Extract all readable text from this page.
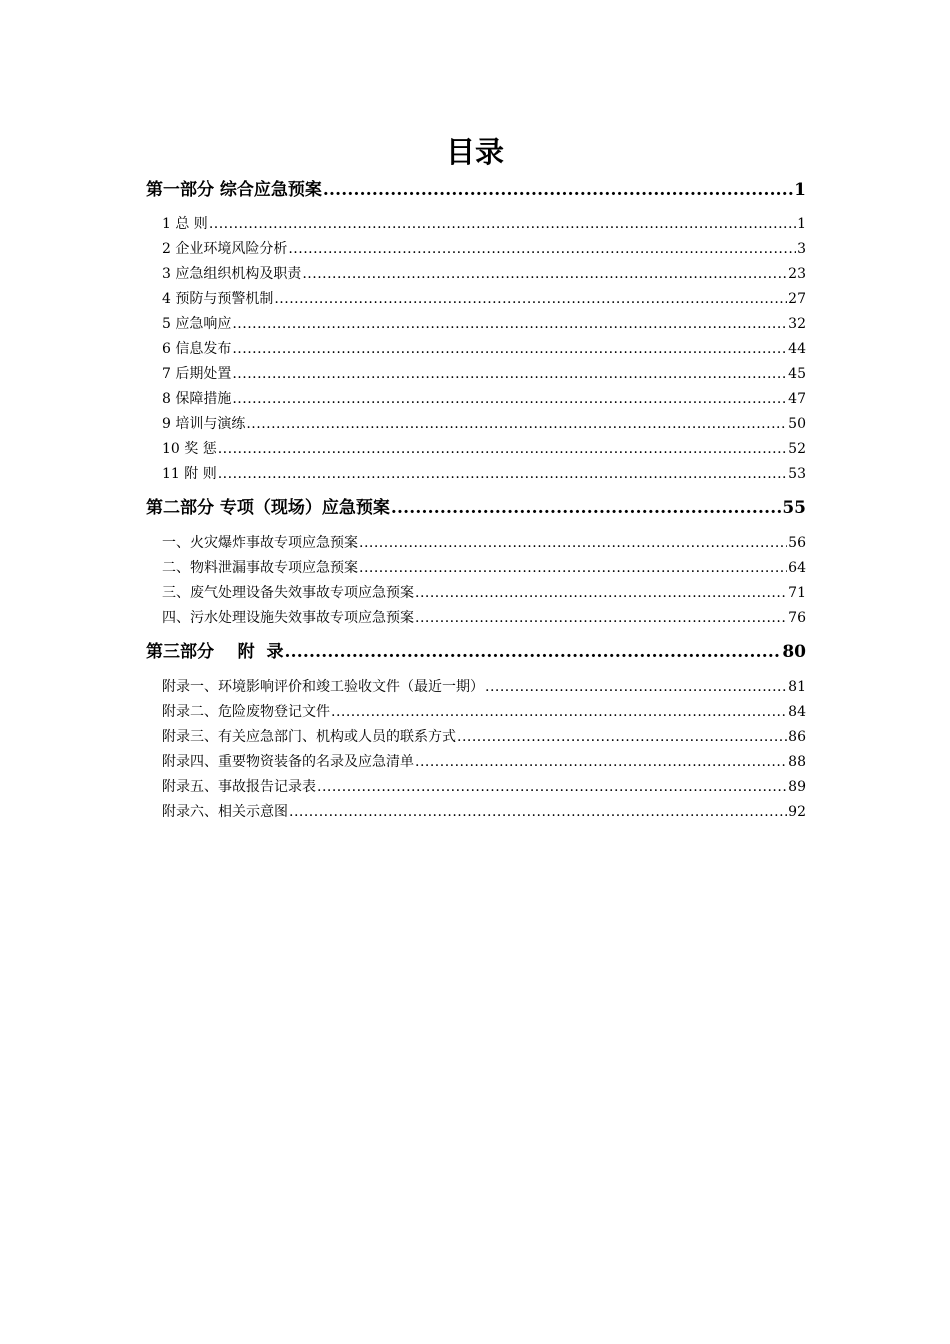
目录
第一部分 综合应急预案 .....	1
1 总 则 .....	1
2 企业环境风险分析 .....	3
3 应急组织机构及职责 .....	23
4 预防与预警机制 .....	27
5 应急响应 .....	32
6 信息发布 .....	44
7 后期处置 .....	45
8 保障措施 .....	47
9 培训与演练 .....	50
10 奖 惩 .....	52
11 附 则 .....	53
第二部分 专项（现场）应急预案 .....	55
一、火灾爆炸事故专项应急预案 .....	56
二、物料泄漏事故专项应急预案 .....	64
三、废气处理设备失效事故专项应急预案 .....	71
四、污水处理设施失效事故专项应急预案 .....	76
第三部分    附  录 .....	80
附录一、环境影响评价和竣工验收文件（最近一期） .....	81
附录二、危险废物登记文件 .....	84
附录三、有关应急部门、机构或人员的联系方式 .....	86
附录四、重要物资装备的名录及应急清单 .....	88
附录五、事故报告记录表 .....	89
附录六、相关示意图 .....	92
